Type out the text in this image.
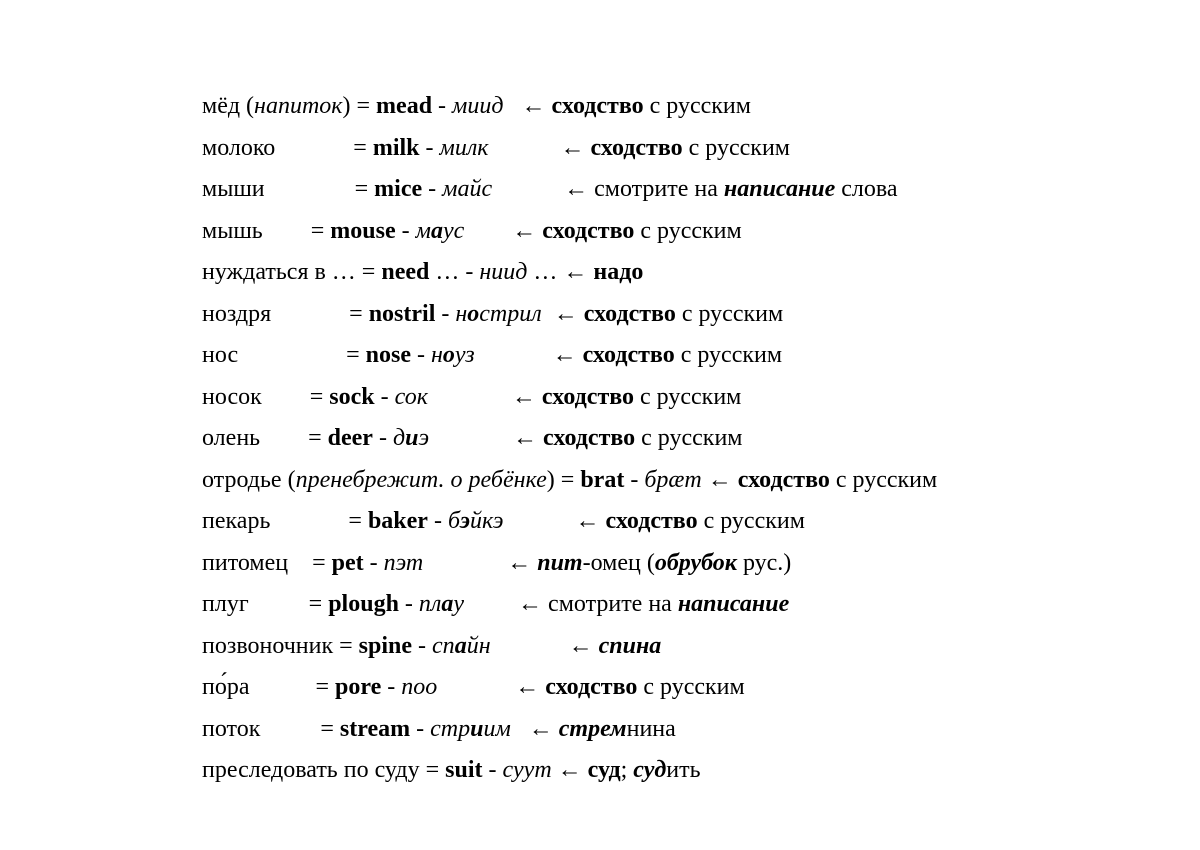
мёд (напиток) = mead - миид   ← сходство с русским
молоко             = milk - милк            ← сходство с русским
мыши               = mice - майс            ← смотрите на написание слова
мышь        = mouse - маус        ← сходство с русским
нуждаться в … = need … - ниид … ← надо
ноздря             = nostril - нострил  ← сходство с русским
нос                  = nose - ноуз             ← сходство с русским
носок        = sock - сок              ← сходство с русским
олень        = deer - диэ              ← сходство с русским
отродье (пренебрежит. о ребёнке) = brat - брæт ← сходство с русским
пекарь             = baker - бэйкэ            ← сходство с русским
питомец    = pet - пэт              ← пит-омец (обрубок рус.)
плуг          = plough - плау         ← смотрите на написание
позвоночник = spine - спайн             ← спина
по́ра           = pore - поо             ← сходство с русским
поток          = stream - стриим   ← стремнина
преследовать по суду = suit - суут ← суд; судить
